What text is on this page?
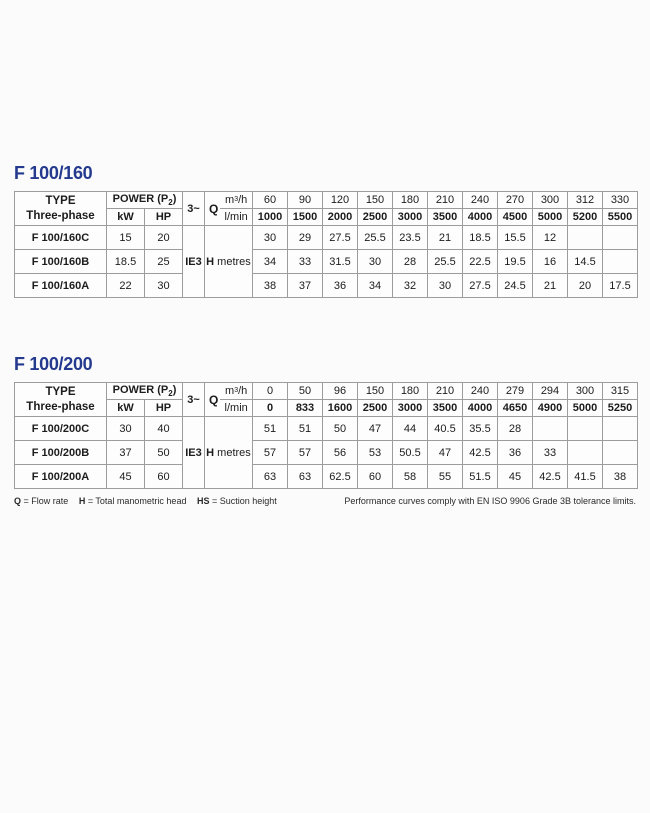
F 100/160
TYPE
Three-phase
	POWER $(P_2)$	3~	Q
m 3 /h
l/min
	60	90	120	150	180	210	240	270	300	312	330
	kW	HP			1000	1500	2000	2500	3000	3500	4000	4500	5000	5200	5500
F 100/160C	15	20	IE3	H metres	30	29	27.5	25.5	23.5	21	18.5	15.5	12		
F 100/160B	18.5	25			34	33	31.5	30	28	25.5	22.5	19.5	16	14.5	
F 100/160A	22	30			38	37	36	34	32	30	27.5	24.5	21	20	17.5
F 100/200
TYPE
Three-phase
	POWER $(P_2)$	3~	Q
m 3 /h
l/min
	0	50	96	150	180	210	240	279	294	300	315
	kW	HP			0	833	1600	2500	3000	3500	4000	4650	4900	5000	5250
F 100/200C	30	40	IE3	H metres	51	51	50	47	44	40.5	35.5	28			
F 100/200B	37	50			57	57	56	53	50.5	47	42.5	36	33		
F 100/200A	45	60			63	63	62.5	60	58	55	51.5	45	42.5	41.5	38
Q = Flow rate H = Total manometric head HS = Suction height	Performance curves comply with EN ISO 9906 Grade 3B tolerance limits.
